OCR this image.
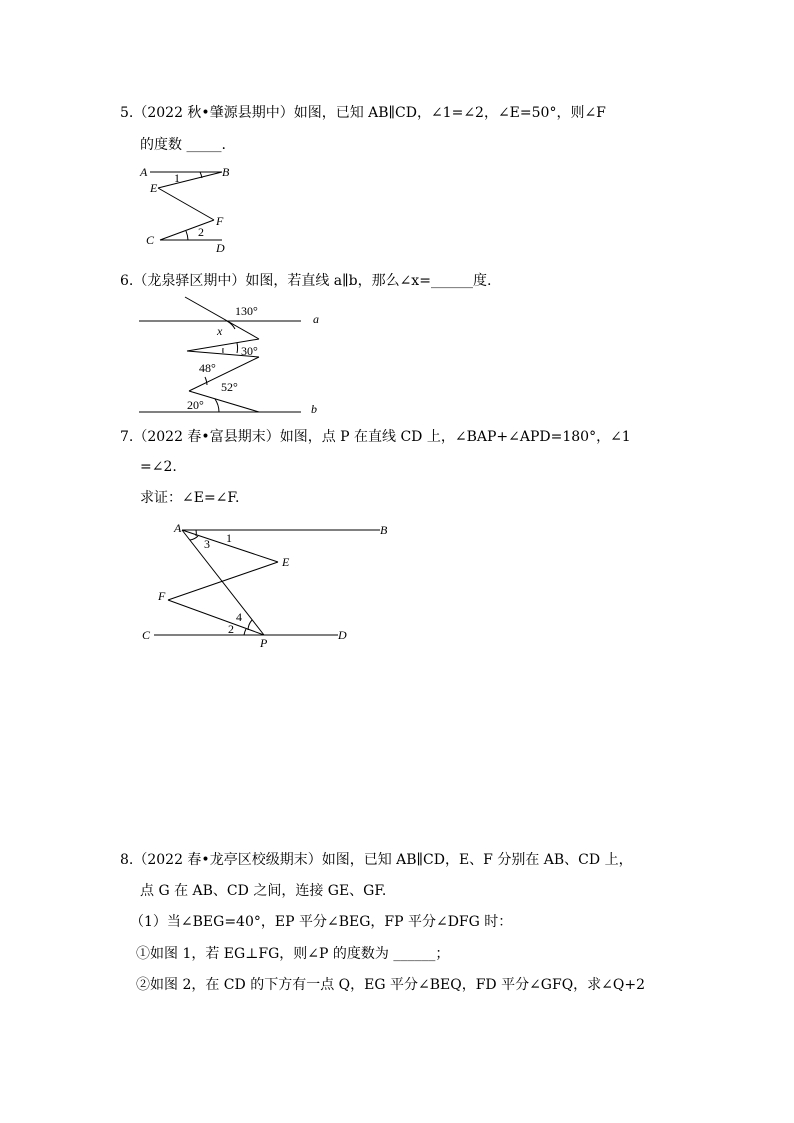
5.（2022 秋•肇源县期中）如图，已知 AB∥CD，∠1=∠2，∠E=50°，则∠F
的度数 _____.
A	B
E
1
F
C
2
D
6.（龙泉驿区期中）如图，若直线 a∥b，那么∠x=______度.
130°
a
x
30°
48°
52°
20°	b
7.（2022 春•富县期末）如图，点 P 在直线 CD 上，∠BAP+∠APD=180°，∠1
=∠2.
求证：∠E=∠F.
A
1
3
B
E
F
4
2
C
P
D
8.（2022 春•龙亭区校级期末）如图，已知 AB∥CD，E、F 分别在 AB、CD 上，
点 G 在 AB、CD 之间，连接 GE、GF.
（1）当∠BEG=40°，EP 平分∠BEG，FP 平分∠DFG 时：
①如图 1，若 EG⊥FG，则∠P 的度数为 ______；
②如图 2，在 CD 的下方有一点 Q，EG 平分∠BEQ，FD 平分∠GFQ，求∠Q+2
